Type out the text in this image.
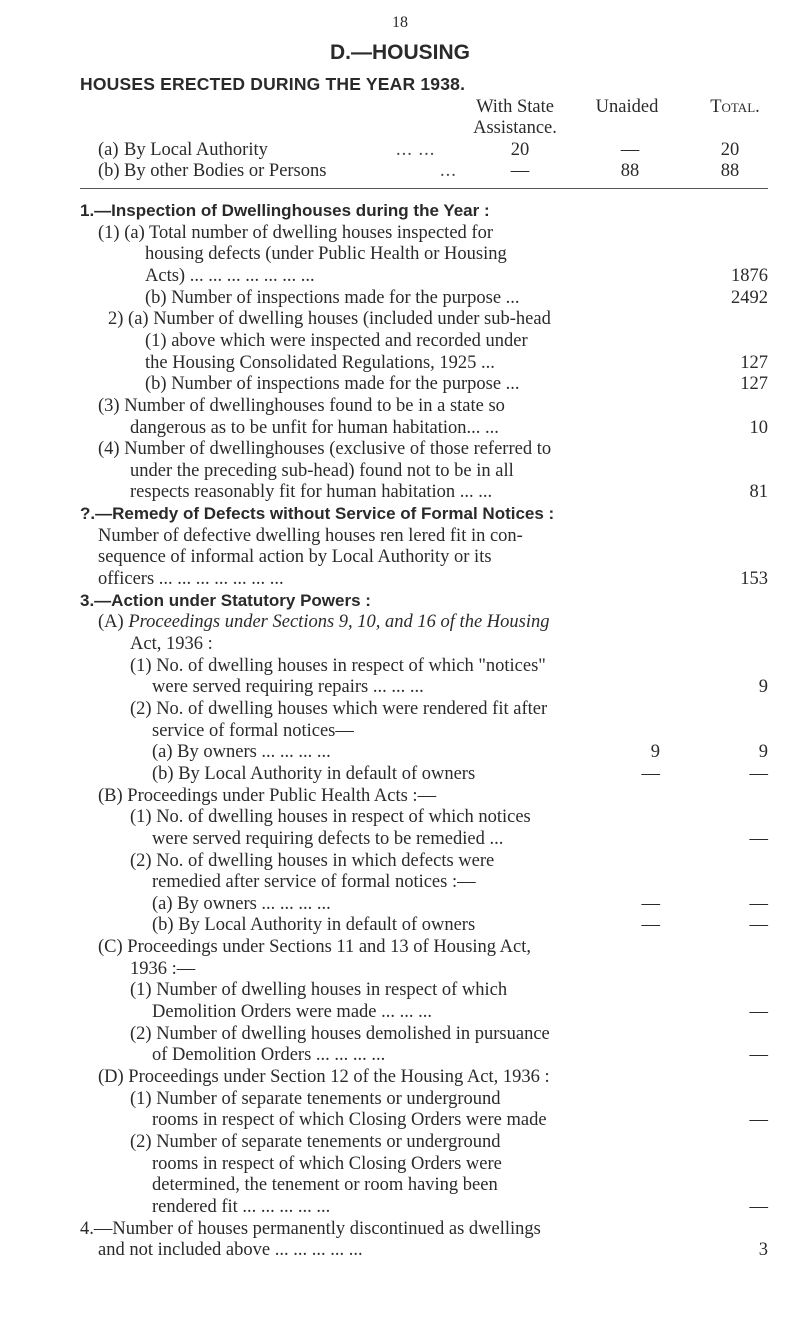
18
D.—HOUSING
HOUSES ERECTED DURING THE YEAR 1938.
With State
Assistance.
Unaided	Total.
(a) By Local Authority	... ...	20	—	20
(b) By other Bodies or Persons	...	—	88	88
1.—Inspection of Dwellinghouses during the Year :
(1) (a) Total number of dwelling houses inspected for
housing defects (under Public Health or Housing
Acts) ... ... ... ... ... ... ...	1876
(b) Number of inspections made for the purpose ...	2492
2) (a) Number of dwelling houses (included under sub-head
(1) above which were inspected and recorded under
the Housing Consolidated Regulations, 1925 ...	127
(b) Number of inspections made for the purpose ...	127
(3) Number of dwellinghouses found to be in a state so
dangerous as to be unfit for human habitation... ...	10
(4) Number of dwellinghouses (exclusive of those referred to
under the preceding sub-head) found not to be in all
respects reasonably fit for human habitation ... ...	81
?.—Remedy of Defects without Service of Formal Notices :
Number of defective dwelling houses ren lered fit in con-
sequence of informal action by Local Authority or its
officers ... ... ... ... ... ... ...	153
3.—Action under Statutory Powers :
(A) Proceedings under Sections 9, 10, and 16 of the Housing
Act, 1936 :
(1) No. of dwelling houses in respect of which "notices"
were served requiring repairs ... ... ...	9
(2) No. of dwelling houses which were rendered fit after
service of formal notices—
(a) By owners ... ... ... ...	9	9
(b) By Local Authority in default of owners	—	—
(B) Proceedings under Public Health Acts :—
(1) No. of dwelling houses in respect of which notices
were served requiring defects to be remedied ...	—
(2) No. of dwelling houses in which defects were
remedied after service of formal notices :—
(a) By owners ... ... ... ...	—	—
(b) By Local Authority in default of owners	—	—
(C) Proceedings under Sections 11 and 13 of Housing Act,
1936 :—
(1) Number of dwelling houses in respect of which
Demolition Orders were made ... ... ...	—
(2) Number of dwelling houses demolished in pursuance
of Demolition Orders ... ... ... ...	—
(D) Proceedings under Section 12 of the Housing Act, 1936 :
(1) Number of separate tenements or underground
rooms in respect of which Closing Orders were made	—
(2) Number of separate tenements or underground
rooms in respect of which Closing Orders were
determined, the tenement or room having been
rendered fit ... ... ... ... ...	—
4.—Number of houses permanently discontinued as dwellings
and not included above ... ... ... ... ...	3
